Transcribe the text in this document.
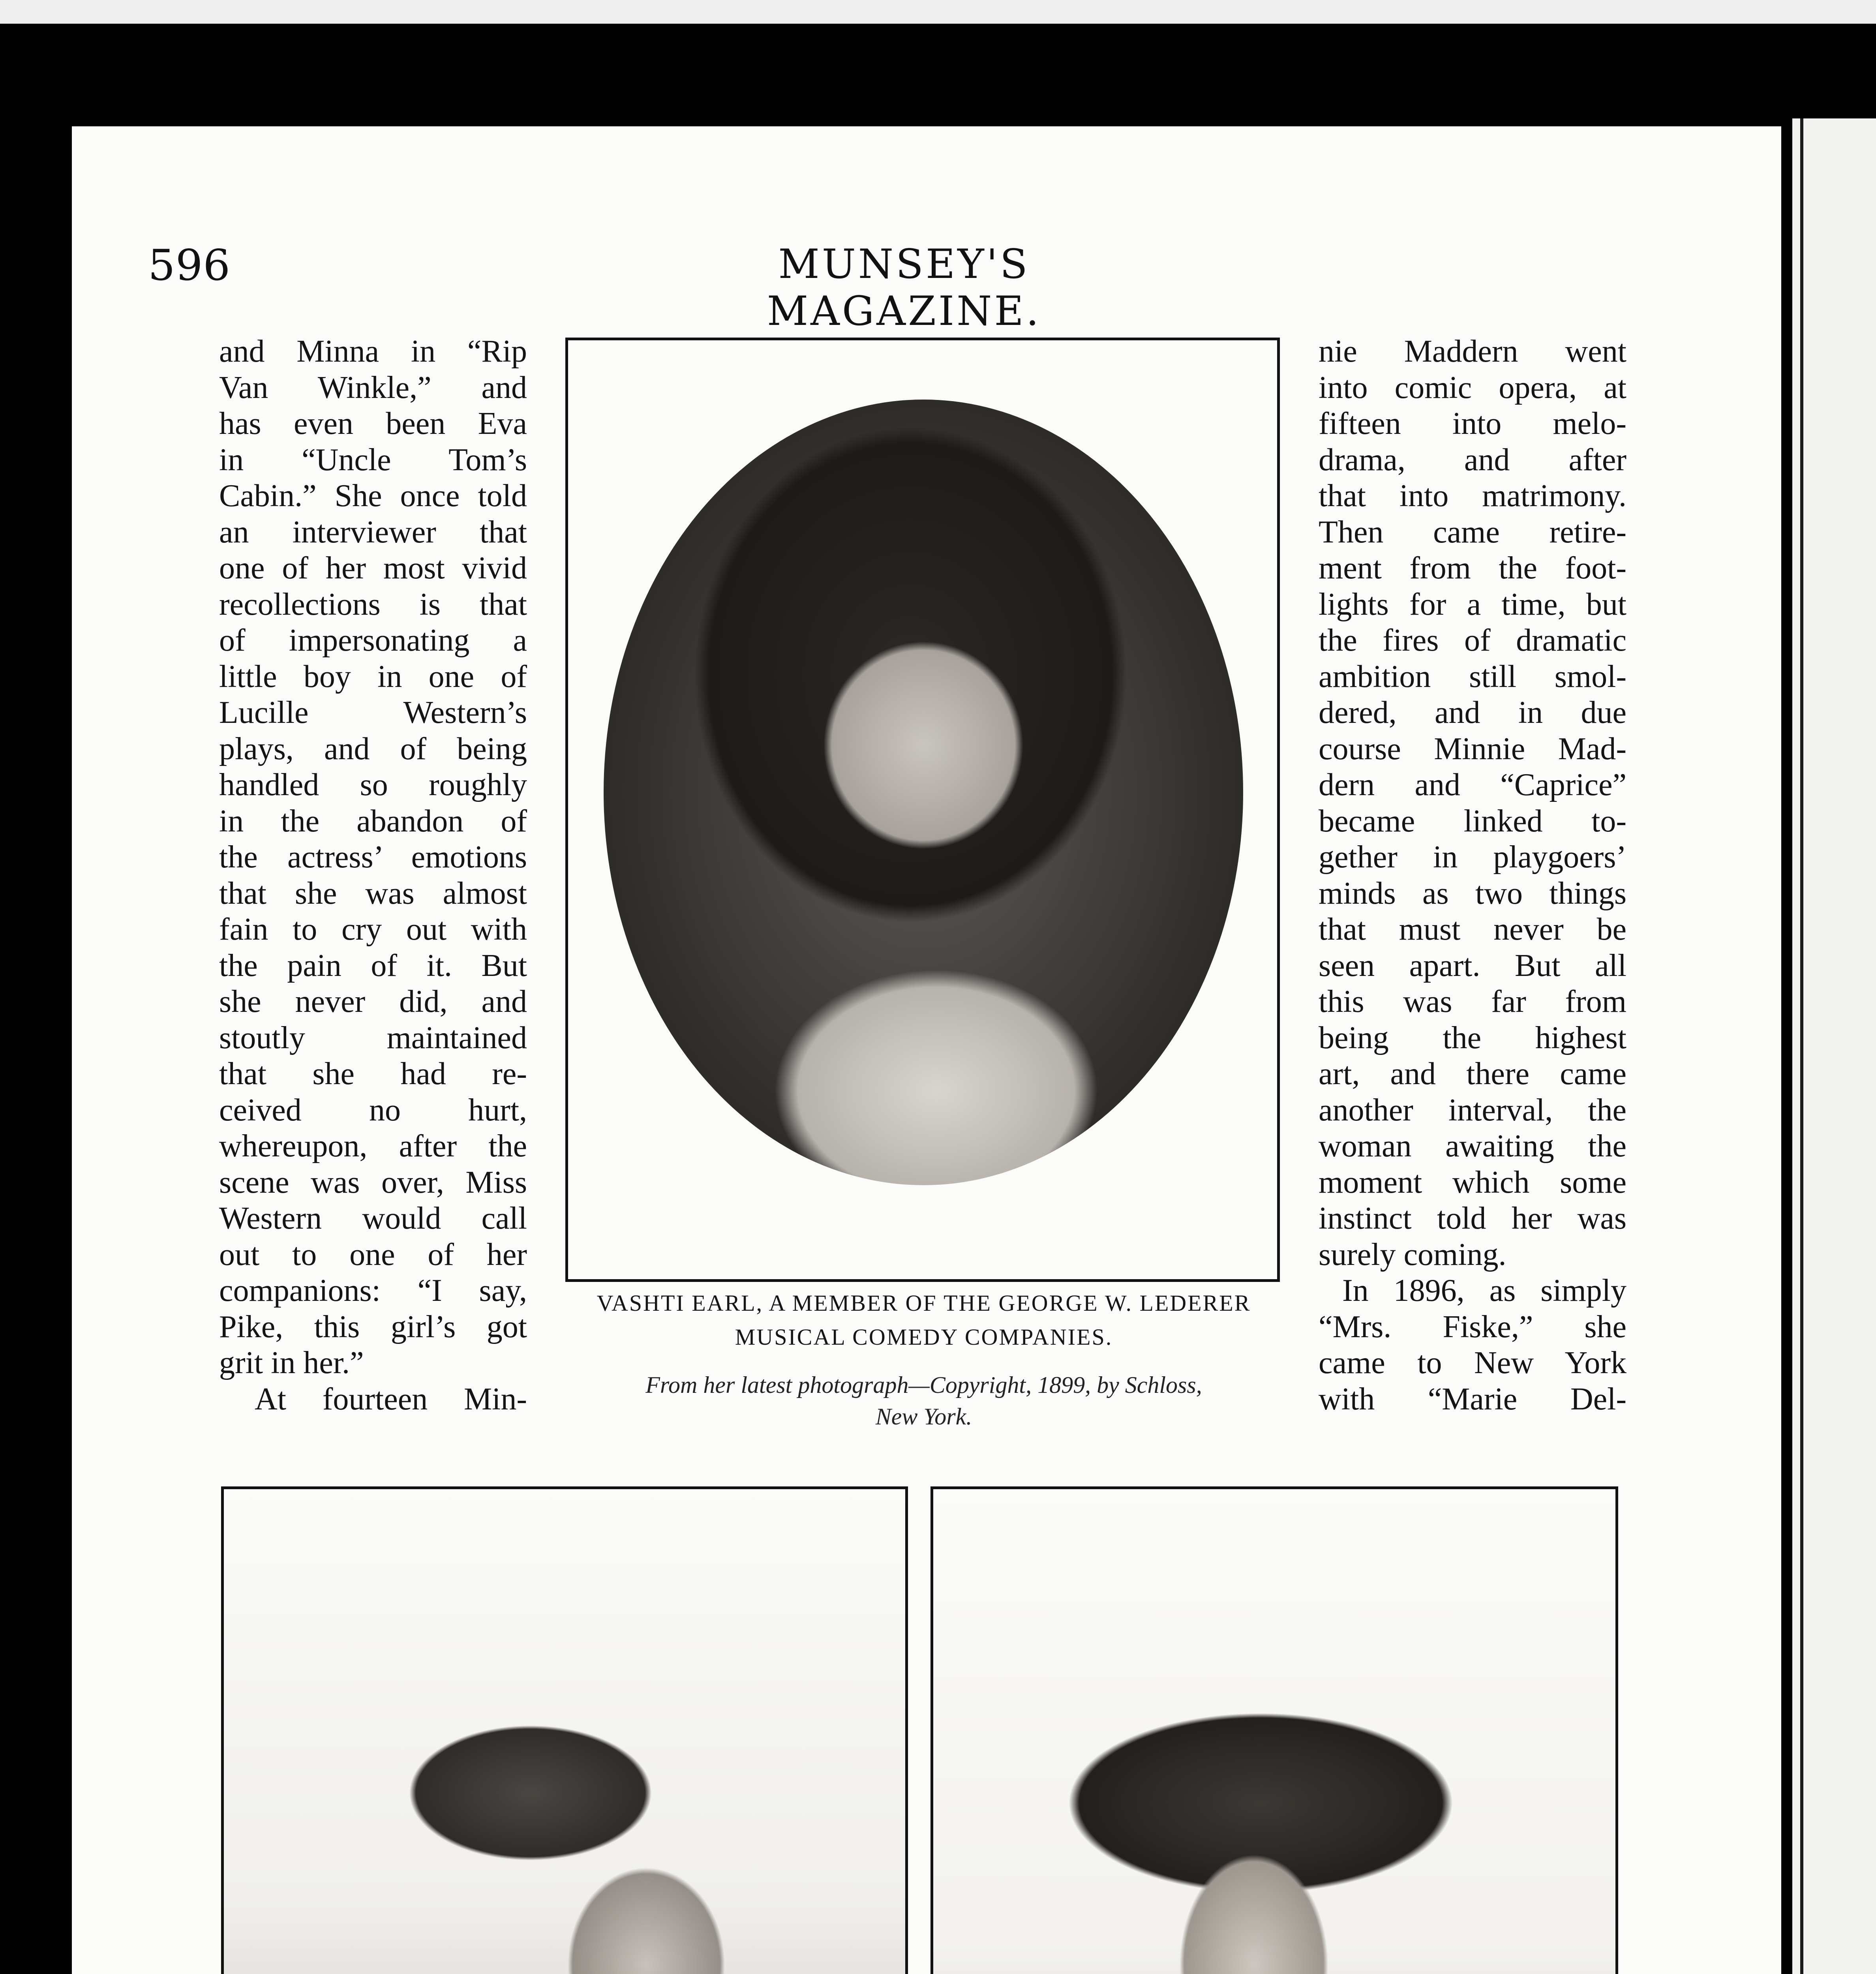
596	MUNSEY'S MAGAZINE.
and Minna in “Rip
Van Winkle,” and
has even been Eva
in “Uncle Tom’s
Cabin.” She once told
an interviewer that
one of her most vivid
recollections is that
of impersonating a
little boy in one of
Lucille Western’s
plays, and of being
handled so roughly
in the abandon of
the actress’ emotions
that she was almost
fain to cry out with
the pain of it. But
she never did, and
stoutly maintained
that she had re-
ceived no hurt,
whereupon, after the
scene was over, Miss
Western would call
out to one of her
companions: “I say,
Pike, this girl’s got
grit in her.”
At fourteen Min-
VASHTI EARL, A MEMBER OF THE GEORGE W. LEDERER
MUSICAL COMEDY COMPANIES.
From her latest photograph—Copyright, 1899, by Schloss,
New York.
nie Maddern went
into comic opera, at
fifteen into melo-
drama, and after
that into matrimony.
Then came retire-
ment from the foot-
lights for a time, but
the fires of dramatic
ambition still smol-
dered, and in due
course Minnie Mad-
dern and “Caprice”
became linked to-
gether in playgoers’
minds as two things
that must never be
seen apart. But all
this was far from
being the highest
art, and there came
another interval, the
woman awaiting the
moment which some
instinct told her was
surely coming.
In 1896, as simply
“Mrs. Fiske,” she
came to New York
with “Marie Del-
